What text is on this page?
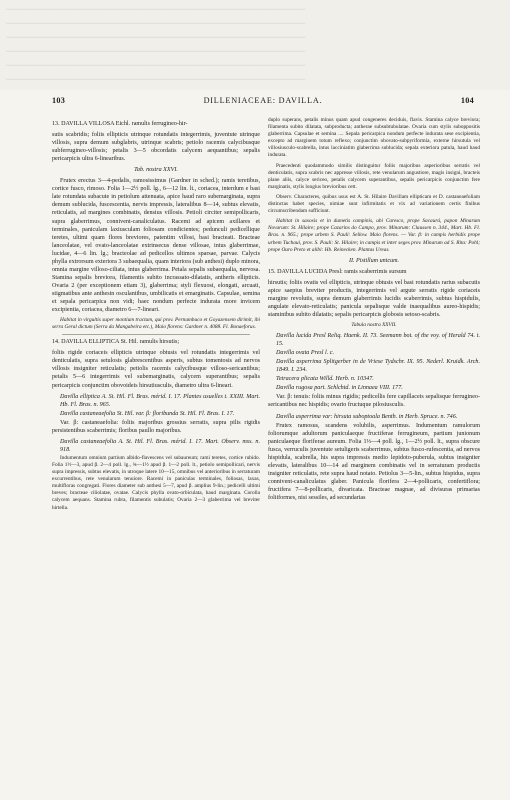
─────────────────────────────────────────────────────────────────
─────────────────────────────────────────────────────────────────
─────────────────────────────────────────────────────────────────
─────────────────────────────────────────────────────────────────
─────────────────────────────────────────────────────────────────
─────────────────────────────────────────────────────────────────
103	DILLENIACEAE: DAVILLA.	104

13. DAVILLA VILLOSA Eichl. ramulis ferrugineo-hir-

sutis scabridis; foliis ellipticis utrinque rotundatis integerrimis, juventute utrinque villosis, supra demum subglabris, utrinque scabris; petiolo racemis calycibusque subferrugineo-villosis; petalis 3—5 obcordatis calycem aequantibus; sepalis pericarpicis ultra 6-linearibus.

Tab. nostra XXVI.

Frutex erectus 3—4-pedalis, ramosissimus (Gardner in sched.); ramis teretibus, cortice fusco, rimoso. Folia 1—2½ poll. lg., 6—12 lin. lt., coriacea, interdum e basi late rotundata subacute in petiolum attenuata, apice haud raro subemarginata, supra demum sublucida, fuscescentia, nervis impressis, lateralibus 8—14, subtus elevatis, reticulatis, ad margines combinatis, densius villosis. Petioli circiter semipollicaris, supra glaberrimus, connivent-canaliculatus. Racemi ad apicem axillares et terminales, paniculam laxiusculam foliosam condicientes; pedunculi pedicellique teretes, ultimi quam flores breviores, patentim villosi, basi bracteati. Bracteae lanceolatae, vel ovato-lanceolatae extrinsecus dense villosae, intus glaberrimae, lucidae, 4—6 lin. lg.; bracteolae ad pedicellos ultimos sparsae, parvae. Calycis phylla extrorsum exteriora 3 subaequalia, quam interiora (sub anthesi) duplo minora, omnia margine villoso-ciliata, intus glaberrima. Petala sepalis subaequalia, nervosa. Stamina sepalis breviora, filamentis subito incrassato-dilatatis, antheris ellipticis. Ovaria 2 (per exceptionem etiam 3), glaberrima; styli flexuosi, elongati, arcuati, stigmatibus ante anthesin osculantibus, umbilicatis et emarginatis. Capsulae, semina et sepala pericarpica non vidi; haec nondum perfecte indurata more invicem excipientia, coriacea, diametro 6—7-lineari.

Habitat in virgultis super montium tractum, qui prov. Pernambuco et Goyazensem dirimit, ibi serra Geral dictum (Serra da Mangabeira etc.), Maio florens: Gardner n. 4088. Fl. Bonaeforus.

14. DAVILLA ELLIPTICA St. Hil. ramulis hirsutis;

foliis rigide coriaceis ellipticis utrinque obtusis vel rotundatis integerrimis vel denticulatis, supra setulosis glabrescentibus asperis, subtus tomentosis ad nervos villosis insigniter reticulatis; petiolis racemis calycibusque villoso-sericantibus; petalis 5—6 integerrimis vel subemarginatis, calycem superantibus; sepalis pericarpicis conjunctim obovoideis hirsutiusculis, diametro ultra 6-lineari.

Davilla elliptica A. St. Hil. Fl. Bras. mérid. I. 17. Plantes usuelles t. XXIII. Mart. Hb. Fl. Bras. n. 965.

Davilla castaneaefolia St. Hil. var. β: floribunda St. Hil. Fl. Bras. I. 17.

Var. β: castaneaefolia: foliis majoribus grossius serratis, supra pilis rigidis persistentibus scaberrimis; floribus paullo majoribus.

Davilla castaneaefolia A. St. Hil. Fl. Bras. mérid. I. 17. Mart. Observ. mss. n. 918.

Indumentum omnium partium albido-flavescens vel subaureum; rami teretes, cortice rubido. Folia 1½—3, apud β. 2—4 poll. lg., ¾—1½ apud β. 1—2 poll. lt., petiolo semipollicari, nervis supra impressis, subtus elevatis, in utroque latere 10—15, omnibus vel anterioribus in serraturam excurrentibus, rete venularum tenuiore. Racemi in paniculas terminales, foliosas, laxas, multifloras congregati. Flores diameter sub anthesi 5—7, apud β. amplius 9-lin.; pedicelli ultimi breves; bracteae ciliolatae, ovatae. Calycis phylla ovato-orbiculata, haud marginata. Corolla calycem aequans. Stamina rubra, filamentis subulatis; Ovaria 2—3 glaberrima vel breviter hirtella.

duplo superans, petalis minus quam apud congeneres deciduis, flavis. Stamina calyce breviora; filamenta subito dilatata, subproducta; antherae subsubtubulatae. Ovaria cum stylis suboppositis glaberrima. Capsulae et semina .... Sepala pericarpica nondum perfecte indurata sese excipientia, excepto ad marginem totum reflexo; conjunctim obovato-subpyriformia, externe hirsutula vel villosiusculo-scabrella, intus lacciniatim glaberrima sublucida; sepala exteriora patula, haud haud indurata.

Praecedenti quodammodo similis distinguitur foliis majoribus asperioribus serratis vel denticulatis, supra scabris nec appresse villosis, rete venularum angustiore, magis insigni, bracteis plane aliis, calyce sericeo, petalis calycem superantibus, sepalis pericarpicis conjunctim fere marginatis, stylis longius brevioribus cett.

Observ. Characteres, quibus usus est A. St. Hilaire Davillam ellipticam et D. castaneaefoliam distinctas habet species, nimiae sunt infirmitatis et vix ad variationem certis finibus circumscribendam sufficiunt.

Habitat in saxosis et in dumetis campinis, ubi Caresco, prope Sacaurá, papon Minarum Novarum: St. Hilaire; prope Cazarins do Campo, prov. Minarum: Claussen n. 344., Mart. Hb. Fl. Bras. n. 965.; prope urbem S. Pauli: Sellow. Maio florens. — Var. β: in campis herbidis prope urbem Tuchaui, prov. S. Pauli: St. Hilaire; in campis et inter seges prov. Minarum ad S. Rita: Pohl; prope Ouro Preto et alibi: Hb. Reinecken. Plantas Ureas.

II. Pistillum unicum.

15. DAVILLA LUCIDA Presl: ramis scaberrimis sursum

hirsutis; foliis ovatis vel ellipticis, utrinque obtusis vel basi rotundatis rarius subacutis apice saepius breviter productis, integerrimis vel argute serratis rigide coriaceis margine revolutis, supra demum glaberrimis lucidis scaberrimis, subtus hispidulis, angulate elevato-reticulatis; panicula sepalisque valde inaequalibus aureo-hispidis; staminibus subito dilatatis; sepalis pericarpicis globosis setoso-scabris.

Tabula nostra XXVII.

Davilla lucida Presl Reliq. Haenk. II. 73. Seemann bot. of the voy. of Herald 74. t. 15.

Davilla ovata Presl l. c.

Davilla asperrima Splitgerber in de Vriese Tydschr. IX. 95. Nederl. Kruidk. Arch. 1849. I. 234.

Tetracera plicata Willd. Herb. n. 10347.

Davilla rugosa part. Schlchtd. in Linnaea VIII. 177.

Var. β: tenuis: foliis minus rigidis; pedicellis fere capillaceis sepalisque ferrugineo-sericantibus nec hispidis; ovario fructuque pilosiusculis.

Davilla asperrima var: hirsuta suboptoala Benth. in Herb. Spruce. n. 746.

Frutex ramosus, scandens volubilis, asperrimus. Indumentum ramulorum foliorumque adultorum paniculaeque fructiferae ferrugineum, partium junionum paniculaeque floriferae aureum. Folia 1⅓—4 poll. lg., 1—2½ poll. lt., supra obscure fusca, verruculis juventute setuligeris scaberrimus, subtus fusco-rufescentia, ad nervos hispidula, scabrella, his supra impressis medio lepidoto-puberula, subtus insigniter elevatis, lateralibus 10—14 ad marginem combinatis vel in serraturam productis insigniter reticulatis, rete supra haud notato. Petiolus 3—5-lin., subtus hispidus, supra connivent-canaliculatus glaber. Panicula floriferа 2—4-pollicaris, confertiflora; fructifera 7—8-pollicaris, divaricata. Bracteae magnae, ad divisuras primarias foliiformes, nisi sessiles, ad secundarias
